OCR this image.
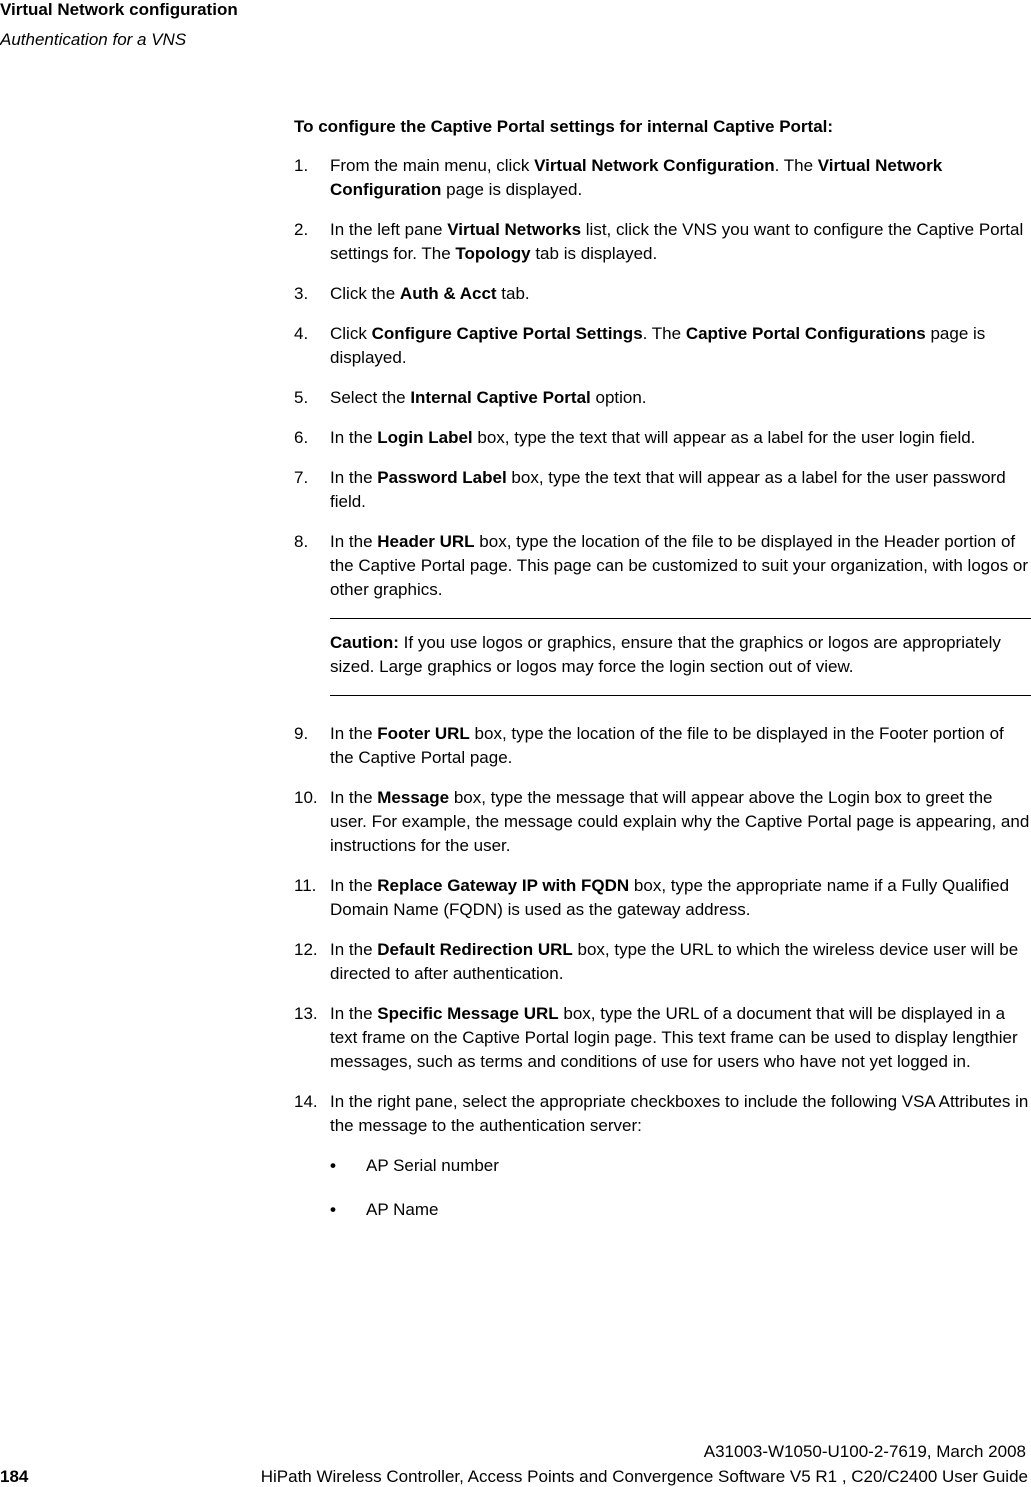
Virtual Network configuration
Authentication for a VNS

To configure the Captive Portal settings for internal Captive Portal:

1. From the main menu, click Virtual Network Configuration. The Virtual Network Configuration page is displayed.

2. In the left pane Virtual Networks list, click the VNS you want to configure the Captive Portal settings for. The Topology tab is displayed.

3. Click the Auth & Acct tab.

4. Click Configure Captive Portal Settings. The Captive Portal Configurations page is displayed.

5. Select the Internal Captive Portal option.

6. In the Login Label box, type the text that will appear as a label for the user login field.

7. In the Password Label box, type the text that will appear as a label for the user password field.

8. In the Header URL box, type the location of the file to be displayed in the Header portion of the Captive Portal page. This page can be customized to suit your organization, with logos or other graphics.

Caution: If you use logos or graphics, ensure that the graphics or logos are appropriately sized. Large graphics or logos may force the login section out of view.

9. In the Footer URL box, type the location of the file to be displayed in the Footer portion of the Captive Portal page.

10. In the Message box, type the message that will appear above the Login box to greet the user. For example, the message could explain why the Captive Portal page is appearing, and instructions for the user.

11. In the Replace Gateway IP with FQDN box, type the appropriate name if a Fully Qualified Domain Name (FQDN) is used as the gateway address.

12. In the Default Redirection URL box, type the URL to which the wireless device user will be directed to after authentication.

13. In the Specific Message URL box, type the URL of a document that will be displayed in a text frame on the Captive Portal login page. This text frame can be used to display lengthier messages, such as terms and conditions of use for users who have not yet logged in.

14. In the right pane, select the appropriate checkboxes to include the following VSA Attributes in the message to the authentication server:

• AP Serial number
• AP Name
A31003-W1050-U100-2-7619, March 2008
184	HiPath Wireless Controller, Access Points and Convergence Software V5 R1 , C20/C2400 User Guide
